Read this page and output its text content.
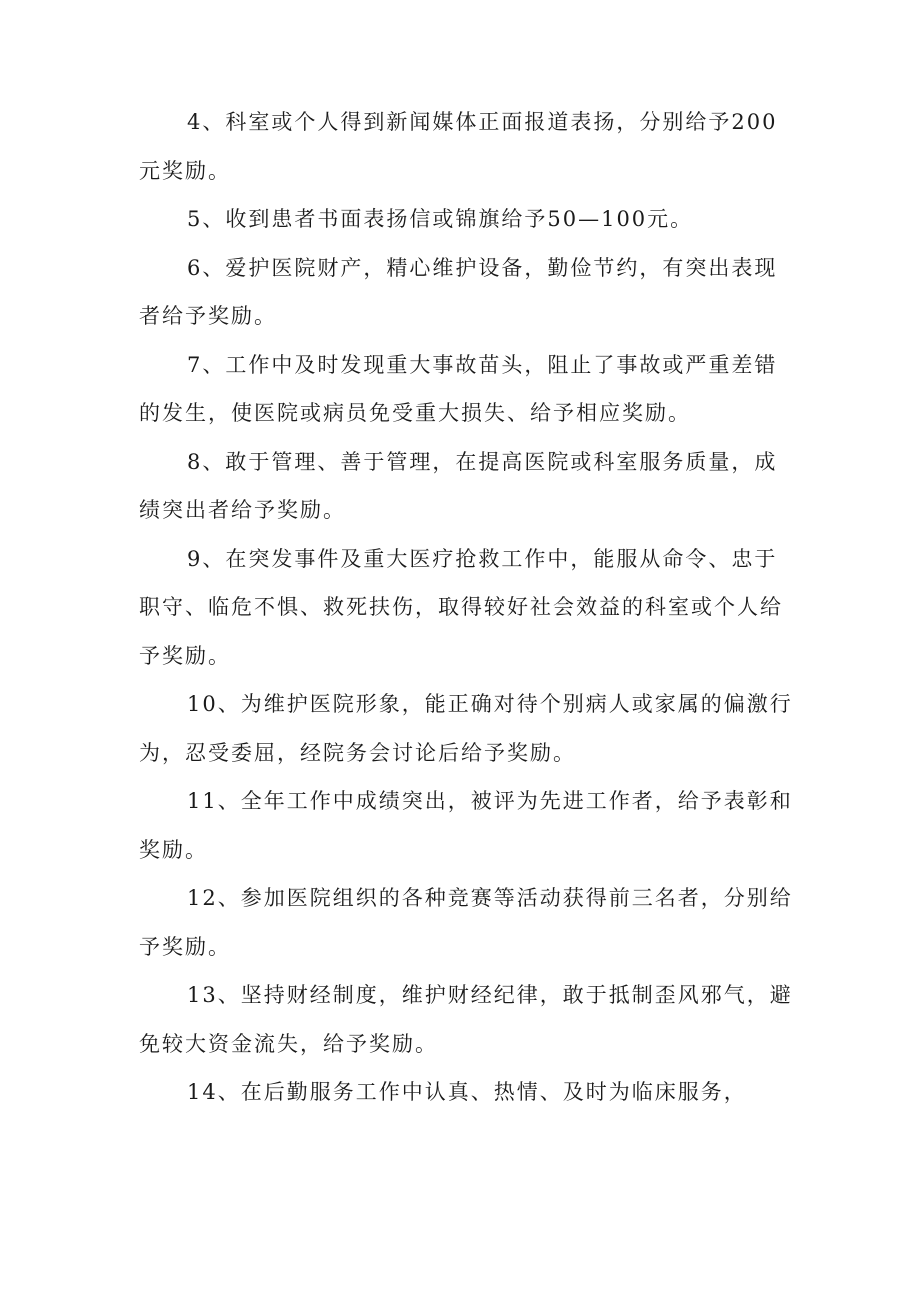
4、科室或个人得到新闻媒体正面报道表扬，分别给予200
元奖励。
5、收到患者书面表扬信或锦旗给予50—100元。
6、爱护医院财产，精心维护设备，勤俭节约，有突出表现
者给予奖励。
7、工作中及时发现重大事故苗头，阻止了事故或严重差错
的发生，使医院或病员免受重大损失、给予相应奖励。
8、敢于管理、善于管理，在提高医院或科室服务质量，成
绩突出者给予奖励。
9、在突发事件及重大医疗抢救工作中，能服从命令、忠于
职守、临危不惧、救死扶伤，取得较好社会效益的科室或个人给
予奖励。
10、为维护医院形象，能正确对待个别病人或家属的偏激行
为，忍受委屈，经院务会讨论后给予奖励。
11、全年工作中成绩突出，被评为先进工作者，给予表彰和
奖励。
12、参加医院组织的各种竞赛等活动获得前三名者，分别给
予奖励。
13、坚持财经制度，维护财经纪律，敢于抵制歪风邪气，避
免较大资金流失，给予奖励。
14、在后勤服务工作中认真、热情、及时为临床服务，
